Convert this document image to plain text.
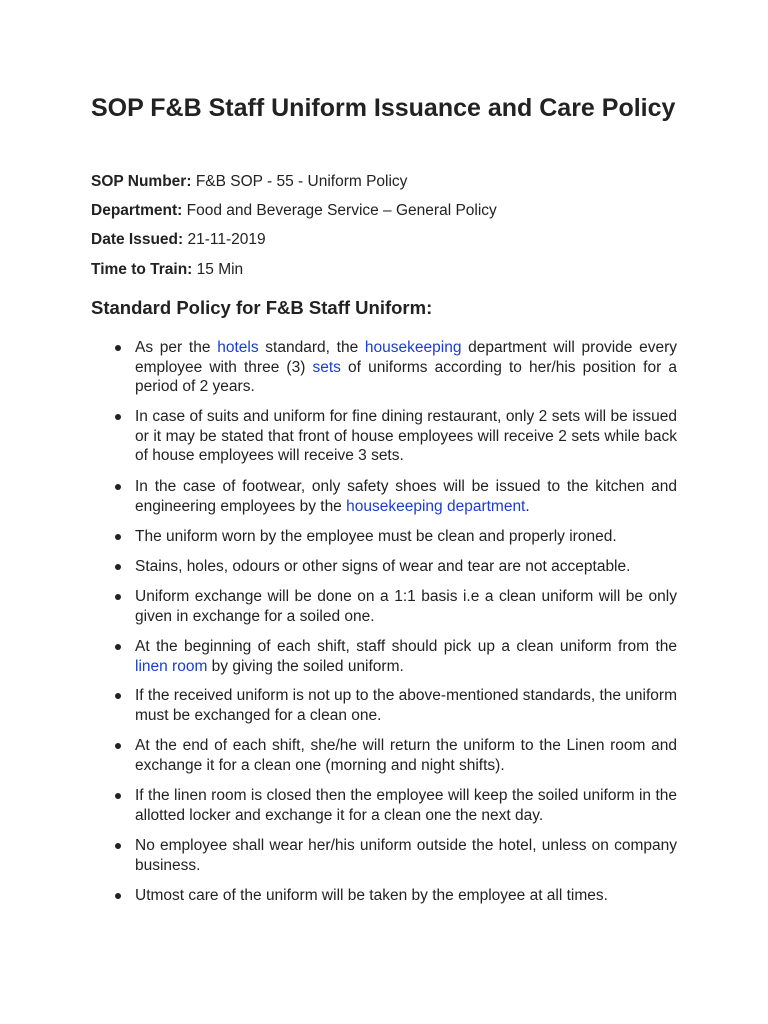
SOP F&B Staff Uniform Issuance and Care Policy

SOP Number: F&B SOP - 55 - Uniform Policy

Department: Food and Beverage Service – General Policy

Date Issued: 21-11-2019

Time to Train: 15 Min

Standard Policy for F&B Staff Uniform:
As per the hotels standard, the housekeeping department will provide every employee with three (3) sets of uniforms according to her/his position for a period of 2 years.
In case of suits and uniform for fine dining restaurant, only 2 sets will be issued or it may be stated that front of house employees will receive 2 sets while back of house employees will receive 3 sets.
In the case of footwear, only safety shoes will be issued to the kitchen and engineering employees by the housekeeping department.
The uniform worn by the employee must be clean and properly ironed.
Stains, holes, odours or other signs of wear and tear are not acceptable.
Uniform exchange will be done on a 1:1 basis i.e a clean uniform will be only given in exchange for a soiled one.
At the beginning of each shift, staff should pick up a clean uniform from the linen room by giving the soiled uniform.
If the received uniform is not up to the above-mentioned standards, the uniform must be exchanged for a clean one.
At the end of each shift, she/he will return the uniform to the Linen room and exchange it for a clean one (morning and night shifts).
If the linen room is closed then the employee will keep the soiled uniform in the allotted locker and exchange it for a clean one the next day.
No employee shall wear her/his uniform outside the hotel, unless on company business.
Utmost care of the uniform will be taken by the employee at all times.
